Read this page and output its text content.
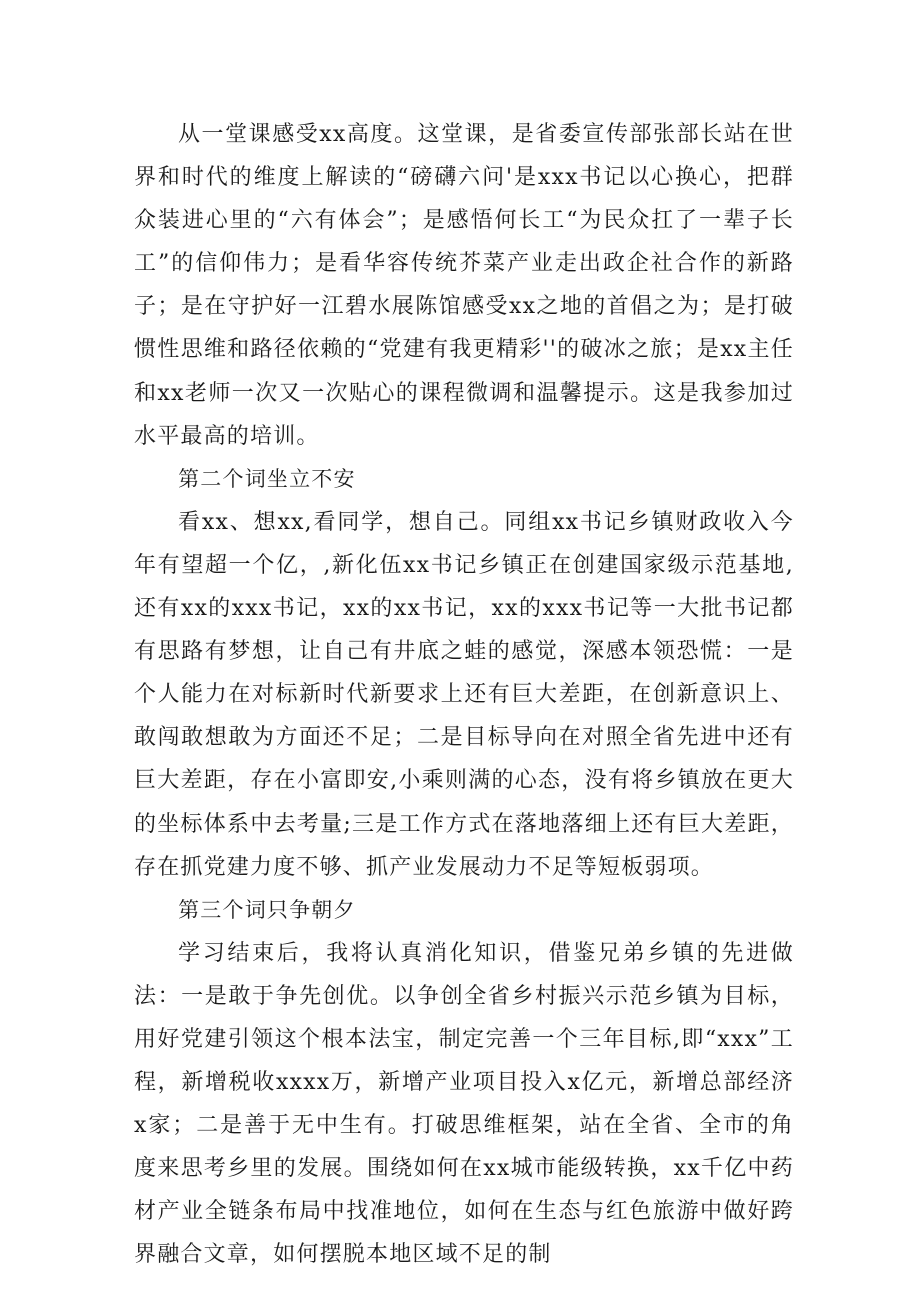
从一堂课感受xx高度。这堂课，是省委宣传部张部长站在世界和时代的维度上解读的“磅礴六问'是xxx书记以心换心，把群众装进心里的“六有体会”；是感悟何长工“为民众扛了一辈子长工”的信仰伟力；是看华容传统芥菜产业走出政企社合作的新路子；是在守护好一江碧水展陈馆感受xx之地的首倡之为；是打破惯性思维和路径依赖的“党建有我更精彩''的破冰之旅；是xx主任和xx老师一次又一次贴心的课程微调和温馨提示。这是我参加过水平最高的培训。

第二个词坐立不安

看xx、想xx,看同学，想自己。同组xx书记乡镇财政收入今年有望超一个亿，,新化伍xx书记乡镇正在创建国家级示范基地,还有xx的xxx书记，xx的xx书记，xx的xxx书记等一大批书记都有思路有梦想，让自己有井底之蛙的感觉，深感本领恐慌：一是个人能力在对标新时代新要求上还有巨大差距，在创新意识上、敢闯敢想敢为方面还不足；二是目标导向在对照全省先进中还有巨大差距，存在小富即安,小乘则满的心态，没有将乡镇放在更大的坐标体系中去考量;三是工作方式在落地落细上还有巨大差距，存在抓党建力度不够、抓产业发展动力不足等短板弱项。

第三个词只争朝夕

学习结束后，我将认真消化知识，借鉴兄弟乡镇的先进做法：一是敢于争先创优。以争创全省乡村振兴示范乡镇为目标，用好党建引领这个根本法宝，制定完善一个三年目标,即“xxx”工程，新增税收xxxx万，新增产业项目投入x亿元，新增总部经济x家；二是善于无中生有。打破思维框架，站在全省、全市的角度来思考乡里的发展。围绕如何在xx城市能级转换，xx千亿中药材产业全链条布局中找准地位，如何在生态与红色旅游中做好跨界融合文章，如何摆脱本地区域不足的制
